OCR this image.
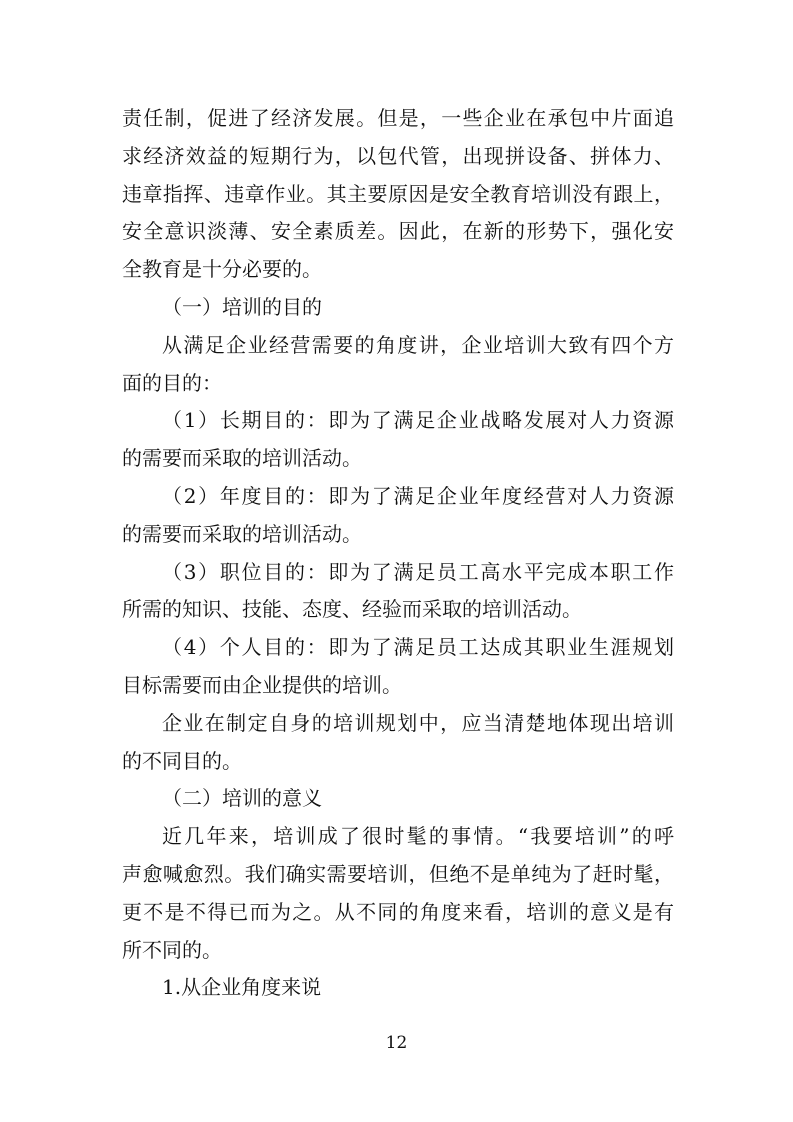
责任制，促进了经济发展。但是，一些企业在承包中片面追
求经济效益的短期行为，以包代管，出现拼设备、拼体力、
违章指挥、违章作业。其主要原因是安全教育培训没有跟上，
安全意识淡薄、安全素质差。因此，在新的形势下，强化安
全教育是十分必要的。
（一）培训的目的
从满足企业经营需要的角度讲，企业培训大致有四个方
面的目的：
（1）长期目的：即为了满足企业战略发展对人力资源
的需要而采取的培训活动。
（2）年度目的：即为了满足企业年度经营对人力资源
的需要而采取的培训活动。
（3）职位目的：即为了满足员工高水平完成本职工作
所需的知识、技能、态度、经验而采取的培训活动。
（4）个人目的：即为了满足员工达成其职业生涯规划
目标需要而由企业提供的培训。
企业在制定自身的培训规划中，应当清楚地体现出培训
的不同目的。
（二）培训的意义
近几年来，培训成了很时髦的事情。“我要培训”的呼
声愈喊愈烈。我们确实需要培训，但绝不是单纯为了赶时髦，
更不是不得已而为之。从不同的角度来看，培训的意义是有
所不同的。
1.从企业角度来说
12
